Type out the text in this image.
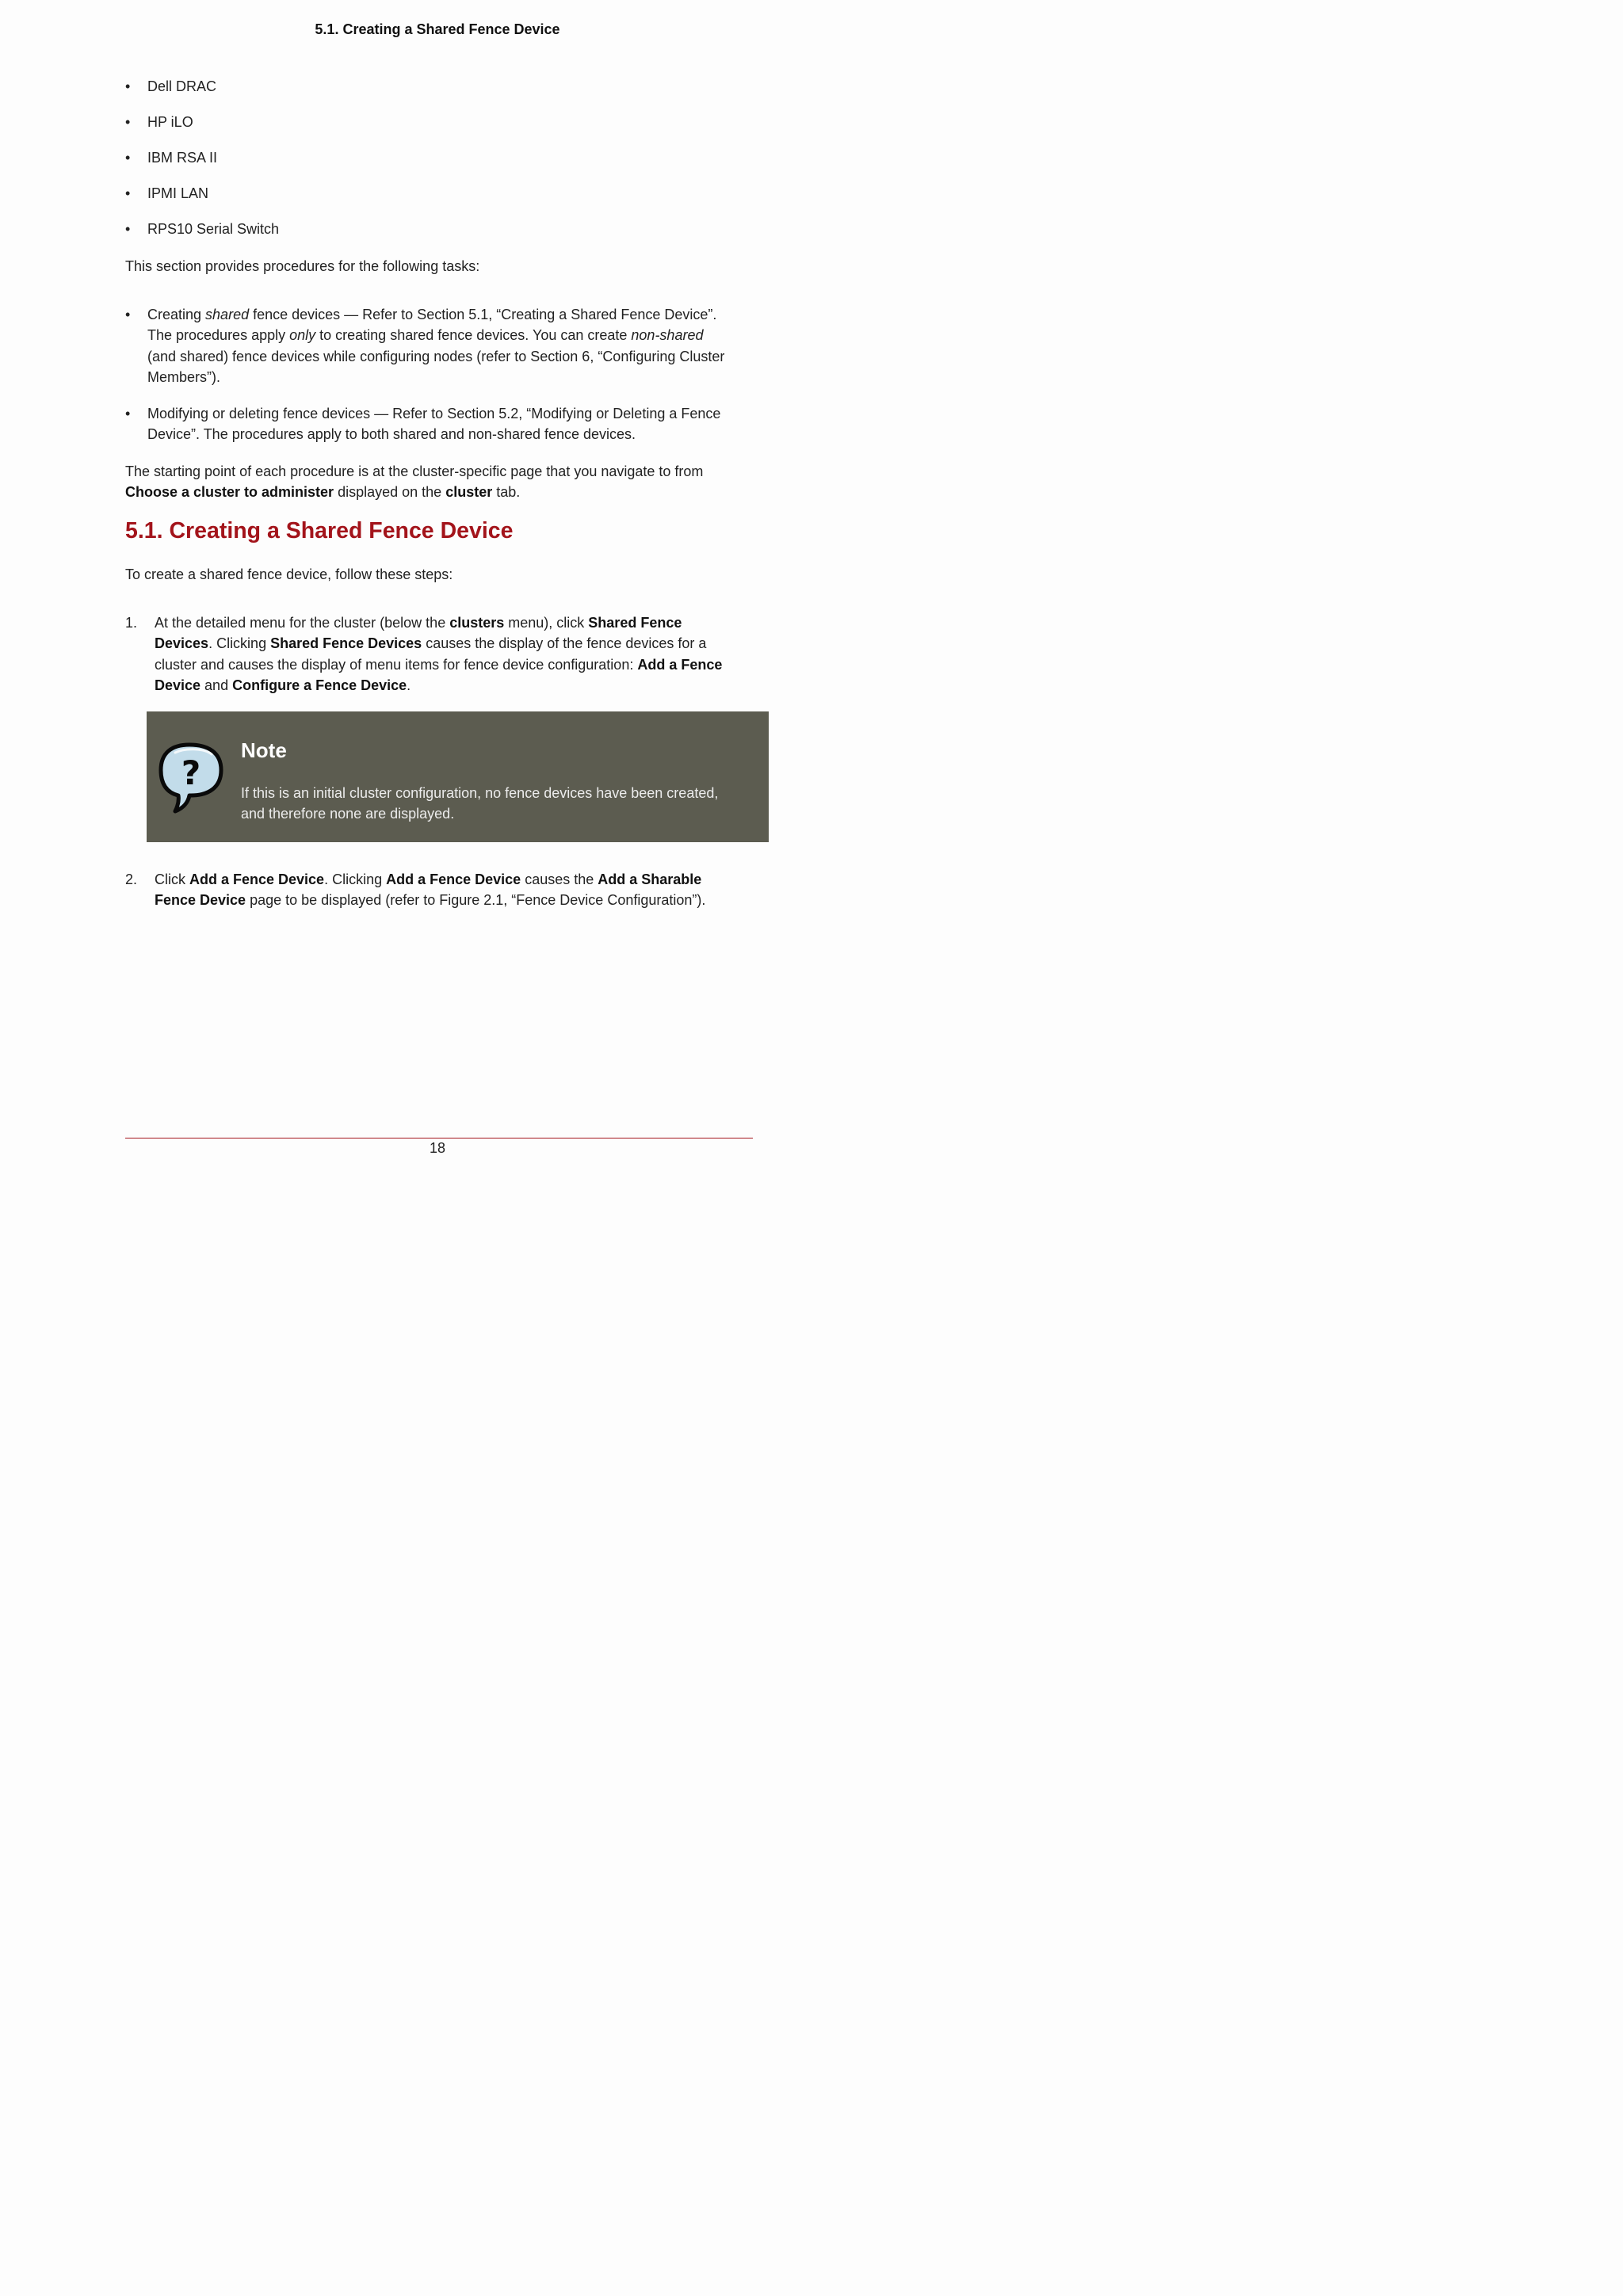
5.1. Creating a Shared Fence Device
• Dell DRAC
• HP iLO
• IBM RSA II
• IPMI LAN
• RPS10 Serial Switch
This section provides procedures for the following tasks:
• Creating shared fence devices — Refer to Section 5.1, “Creating a Shared Fence Device”.
The procedures apply only to creating shared fence devices. You can create non-shared
(and shared) fence devices while configuring nodes (refer to Section 6, “Configuring Cluster
Members”).
• Modifying or deleting fence devices — Refer to Section 5.2, “Modifying or Deleting a Fence
Device”. The procedures apply to both shared and non-shared fence devices.
The starting point of each procedure is at the cluster-specific page that you navigate to from
Choose a cluster to administer displayed on the cluster tab.
5.1. Creating a Shared Fence Device
To create a shared fence device, follow these steps:
1. At the detailed menu for the cluster (below the clusters menu), click Shared Fence
Devices. Clicking Shared Fence Devices causes the display of the fence devices for a
cluster and causes the display of menu items for fence device configuration: Add a Fence
Device and Configure a Fence Device.
?
Note
If this is an initial cluster configuration, no fence devices have been created,
and therefore none are displayed.
2. Click Add a Fence Device. Clicking Add a Fence Device causes the Add a Sharable
Fence Device page to be displayed (refer to Figure 2.1, “Fence Device Configuration”).
18
